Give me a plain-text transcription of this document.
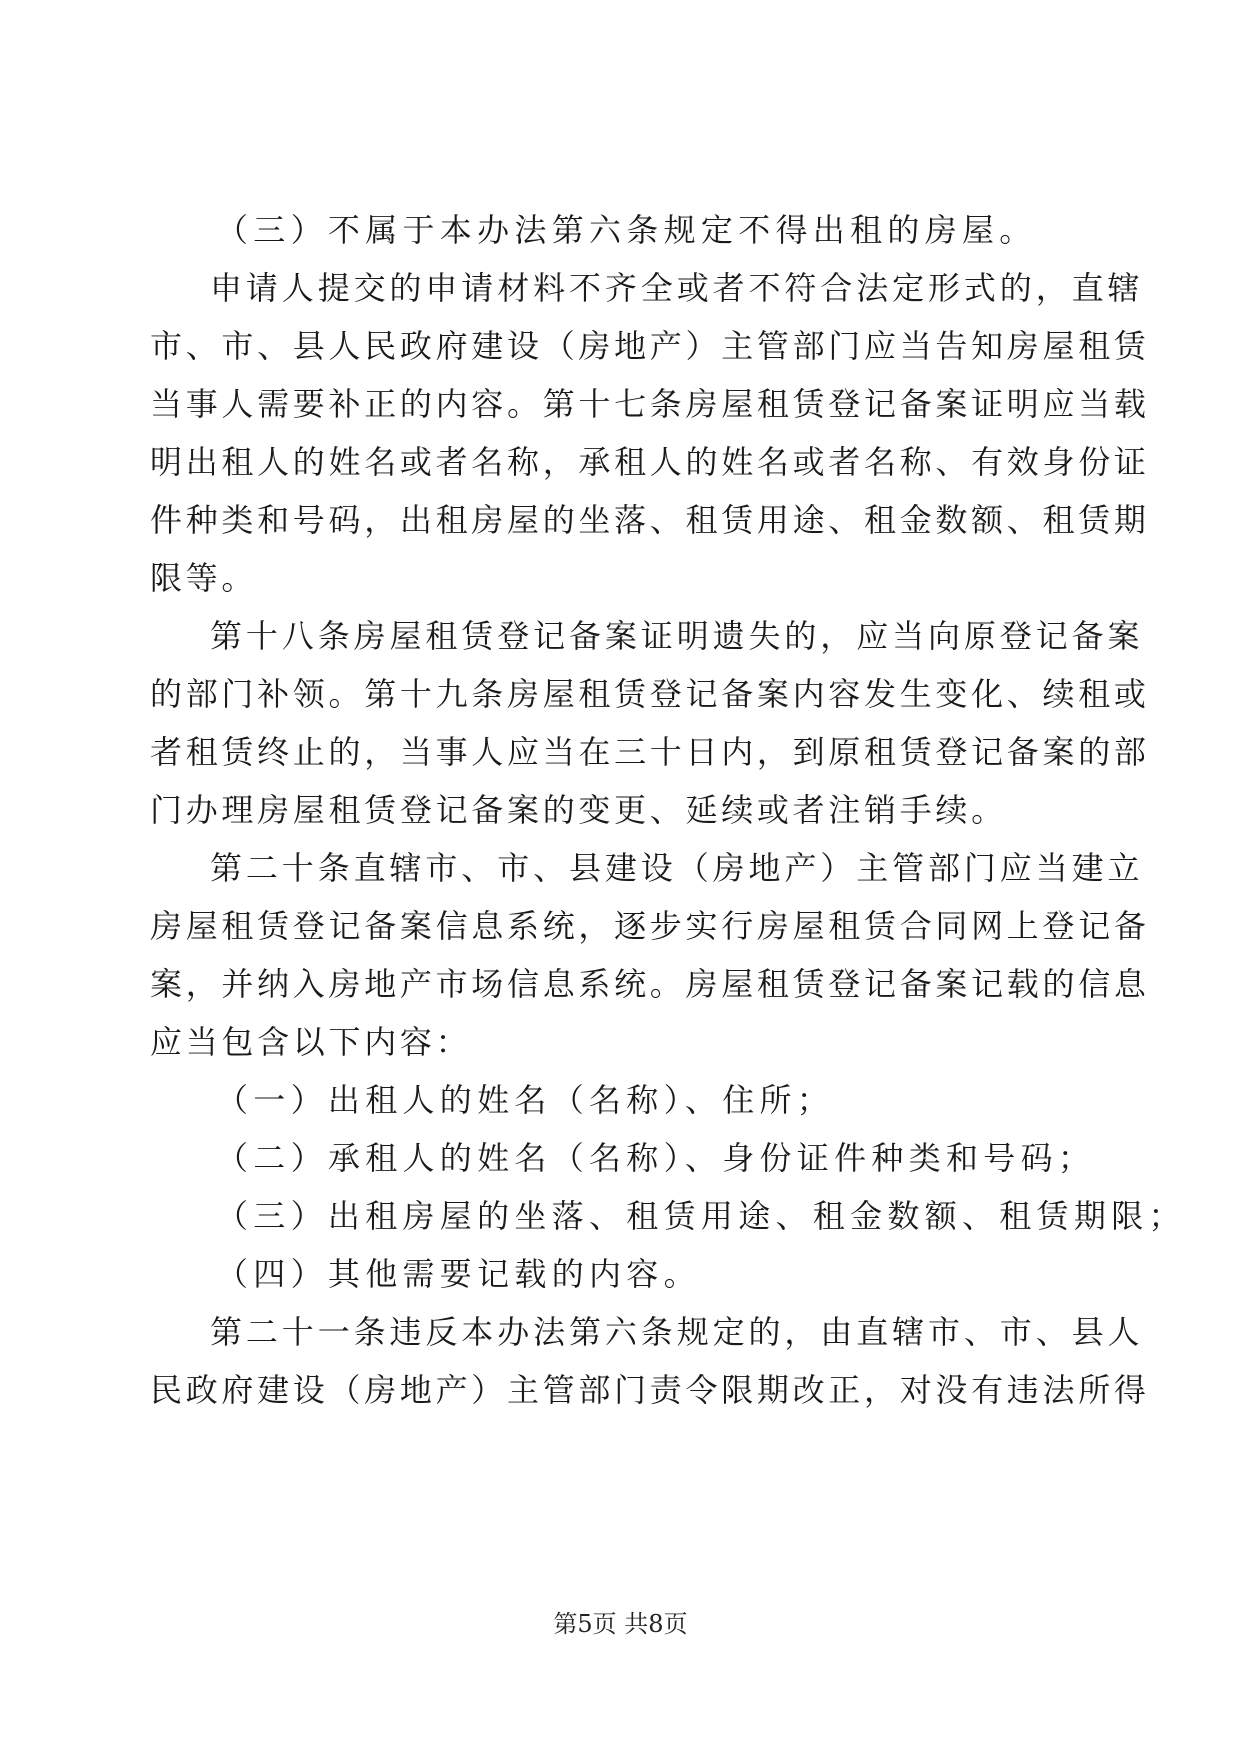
（三）不属于本办法第六条规定不得出租的房屋。

申请人提交的申请材料不齐全或者不符合法定形式的，直辖

市、市、县人民政府建设（房地产）主管部门应当告知房屋租赁

当事人需要补正的内容。第十七条房屋租赁登记备案证明应当载

明出租人的姓名或者名称，承租人的姓名或者名称、有效身份证

件种类和号码，出租房屋的坐落、租赁用途、租金数额、租赁期

限等。

第十八条房屋租赁登记备案证明遗失的，应当向原登记备案

的部门补领。第十九条房屋租赁登记备案内容发生变化、续租或

者租赁终止的，当事人应当在三十日内，到原租赁登记备案的部

门办理房屋租赁登记备案的变更、延续或者注销手续。

第二十条直辖市、市、县建设（房地产）主管部门应当建立

房屋租赁登记备案信息系统，逐步实行房屋租赁合同网上登记备

案，并纳入房地产市场信息系统。房屋租赁登记备案记载的信息

应当包含以下内容：

（一）出租人的姓名（名称）、住所；

（二）承租人的姓名（名称）、身份证件种类和号码；

（三）出租房屋的坐落、租赁用途、租金数额、租赁期限；

（四）其他需要记载的内容。

第二十一条违反本办法第六条规定的，由直辖市、市、县人

民政府建设（房地产）主管部门责令限期改正，对没有违法所得

第5页 共8页
